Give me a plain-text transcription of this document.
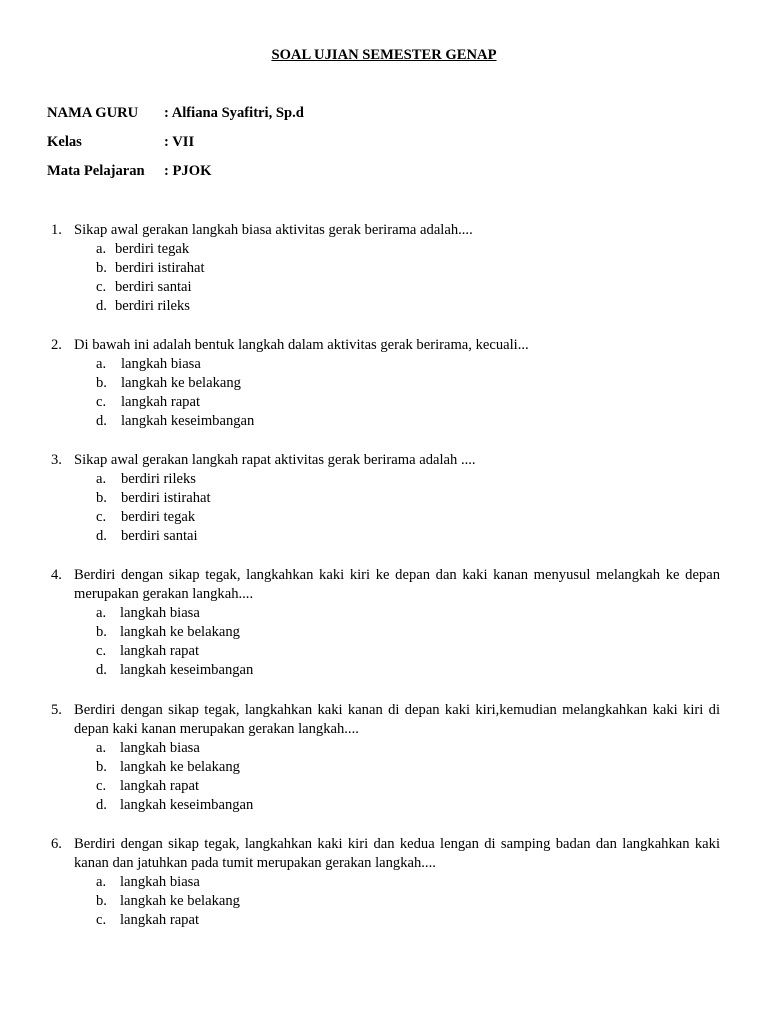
SOAL UJIAN SEMESTER GENAP
NAMA GURU : Alfiana Syafitri, Sp.d
Kelas	: VII
Mata Pelajaran : PJOK
1. Sikap awal gerakan langkah biasa aktivitas gerak berirama adalah....
a. berdiri tegak
b. berdiri istirahat
c. berdiri santai
d. berdiri rileks
2. Di bawah ini adalah bentuk langkah dalam aktivitas gerak berirama, kecuali...
a. langkah biasa
b. langkah ke belakang
c. langkah rapat
d. langkah keseimbangan
3. Sikap awal gerakan langkah rapat aktivitas gerak berirama adalah ....
a. berdiri rileks
b. berdiri istirahat
c. berdiri tegak
d. berdiri santai
4. Berdiri dengan sikap tegak, langkahkan kaki kiri ke depan dan kaki kanan menyusul melangkah ke depan merupakan gerakan langkah....
a. langkah biasa
b. langkah ke belakang
c. langkah rapat
d. langkah keseimbangan
5. Berdiri dengan sikap tegak, langkahkan kaki kanan di depan kaki kiri,kemudian melangkahkan kaki kiri di depan kaki kanan merupakan gerakan langkah....
a. langkah biasa
b. langkah ke belakang
c. langkah rapat
d. langkah keseimbangan
6. Berdiri dengan sikap tegak, langkahkan kaki kiri dan kedua lengan di samping badan dan langkahkan kaki kanan dan jatuhkan pada tumit merupakan gerakan langkah....
a. langkah biasa
b. langkah ke belakang
c. langkah rapat
